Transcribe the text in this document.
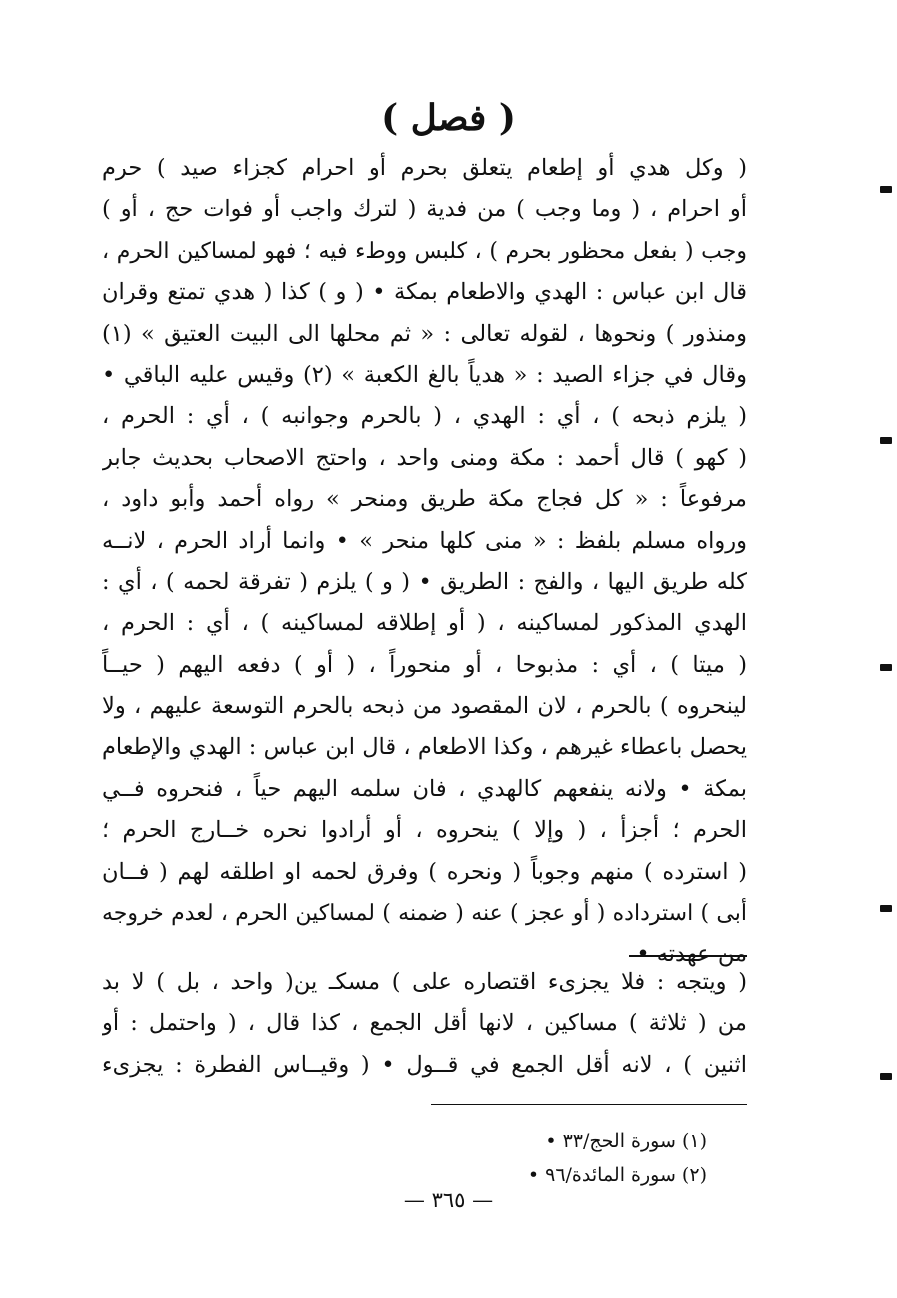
( فصل )
( وكل هدي أو إطعام يتعلق بحرم أو احرام كجزاء صيد ) حرم
أو احرام ، ( وما وجب ) من فدية ( لترك واجب أو فوات حج ، أو )
وجب ( بفعل محظور بحرم ) ، كلبس ووطء فيه ؛ فهو لمساكين الحرم ،
قال ابن عباس : الهدي والاطعام بمكة • ( و ) كذا ( هدي تمتع وقران
ومنذور ) ونحوها ، لقوله تعالى : « ثم محلها الى البيت العتيق » (١)
وقال في جزاء الصيد : « هدياً بالغ الكعبة » (٢) وقيس عليه الباقي •
( يلزم ذبحه ) ، أي : الهدي ، ( بالحرم وجوانبه ) ، أي : الحرم ،
( كهو ) قال أحمد : مكة ومنى واحد ، واحتج الاصحاب بحديث جابر
مرفوعاً : « كل فجاج مكة طريق ومنحر » رواه أحمد وأبو داود ،
ورواه مسلم بلفظ : « منى كلها منحر » • وانما أراد الحرم ، لانــه
كله طريق اليها ، والفج : الطريق • ( و ) يلزم ( تفرقة لحمه ) ، أي :
الهدي المذكور لمساكينه ، ( أو إطلاقه لمساكينه ) ، أي : الحرم ،
( ميتا ) ، أي : مذبوحا ، أو منحوراً ، ( أو ) دفعه اليهم ( حيــاً
لينحروه ) بالحرم ، لان المقصود من ذبحه بالحرم التوسعة عليهم ، ولا
يحصل باعطاء غيرهم ، وكذا الاطعام ، قال ابن عباس : الهدي والإطعام
بمكة • ولانه ينفعهم كالهدي ، فان سلمه اليهم حياً ، فنحروه فــي
الحرم ؛ أجزأ ، ( وإلا ) ينحروه ، أو أرادوا نحره خــارج الحرم ؛
( استرده ) منهم وجوباً ( ونحره ) وفرق لحمه او اطلقه لهم ( فــان
أبى ) استرداده ( أو عجز ) عنه ( ضمنه ) لمساكين الحرم ، لعدم خروجه
من عهدته •
( ويتجه : فلا يجزىء اقتصاره على ) مسكـ ين( واحد ، بل ) لا بد
من ( ثلاثة ) مساكين ، لانها أقل الجمع ، كذا قال ، ( واحتمل : أو
اثنين ) ، لانه أقل الجمع في قــول • ( وقيــاس الفطرة : يجزىء
(١) سورة الحج/٣٣ •
(٢) سورة المائدة/٩٦ •
— ٣٦٥ —
